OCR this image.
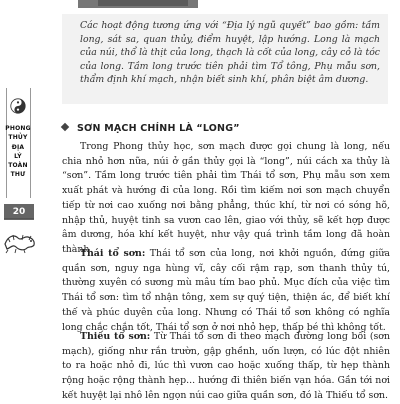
Các hoạt động tương ứng với “Địa lý ngũ quyết” bao gồm: tầm long, sát sa, quan thủy, điểm huyệt, lập hướng. Long là mạch của núi, thổ là thịt của long, thạch là cốt của long, cây cỏ là tóc của long. Tầm long trước tiên phải tìm Tổ tông, Phụ mẫu sơn, thẩm định khí mạch, nhận biết sinh khí, phân biệt âm dương.

PHONG
THỦY
ĐỊA
LÝ
TOÀN
THƯ
20
SƠN MẠCH CHÍNH LÀ “LONG”

Trong Phong thủy học, sơn mạch được gọi chung là long, nếu chia nhỏ hơn nữa, núi ở gần thủy gọi là “long”, núi cách xa thủy là “sơn”. Tầm long trước tiên phải tìm Thái tổ sơn, Phụ mẫu sơn xem xuất phát và hướng đi của long. Rồi tìm kiếm nơi sơn mạch chuyển tiếp từ nơi cao xuống nơi bằng phẳng, thúc khí, từ nơi có sóng hõ, nhập thủ, huyệt tinh sa vươn cao lên, giao với thủy, sẽ kết hợp được âm dương, hóa khí kết huyệt, như vậy quá trình tầm long đã hoàn thành.

Thái tổ sơn: Thái tổ sơn của long, nơi khởi nguồn, đứng giữa quần sơn, nguy nga hùng vĩ, cây cối rậm rạp, sơn thanh thủy tú, thường xuyên có sương mù mâu tím bao phủ. Mục đích của việc tìm Thái tổ sơn: tìm tổ nhận tông, xem sự quý tiện, thiện ác, để biết khí thế và phúc duyên của long. Nhưng có Thái tổ sơn không có nghĩa long chắc chắn tốt, Thái tổ sơn ở nơi nhỏ hẹp, thấp bé thì không tốt.

Thiếu tổ sơn: Từ Thái tổ sơn đi theo mạch đường long bối (sơn mạch), giống như rắn trườn, gập ghềnh, uốn lượn, có lúc đột nhiên to ra hoặc nhỏ đi, lúc thì vươn cao hoặc xuống thấp, từ hẹp thành rộng hoặc rộng thành hẹp... hướng đi thiên biến vạn hóa. Gần tới nơi kết huyệt lại nhô lên ngọn núi cao giữa quần sơn, đó là Thiếu tổ sơn.
